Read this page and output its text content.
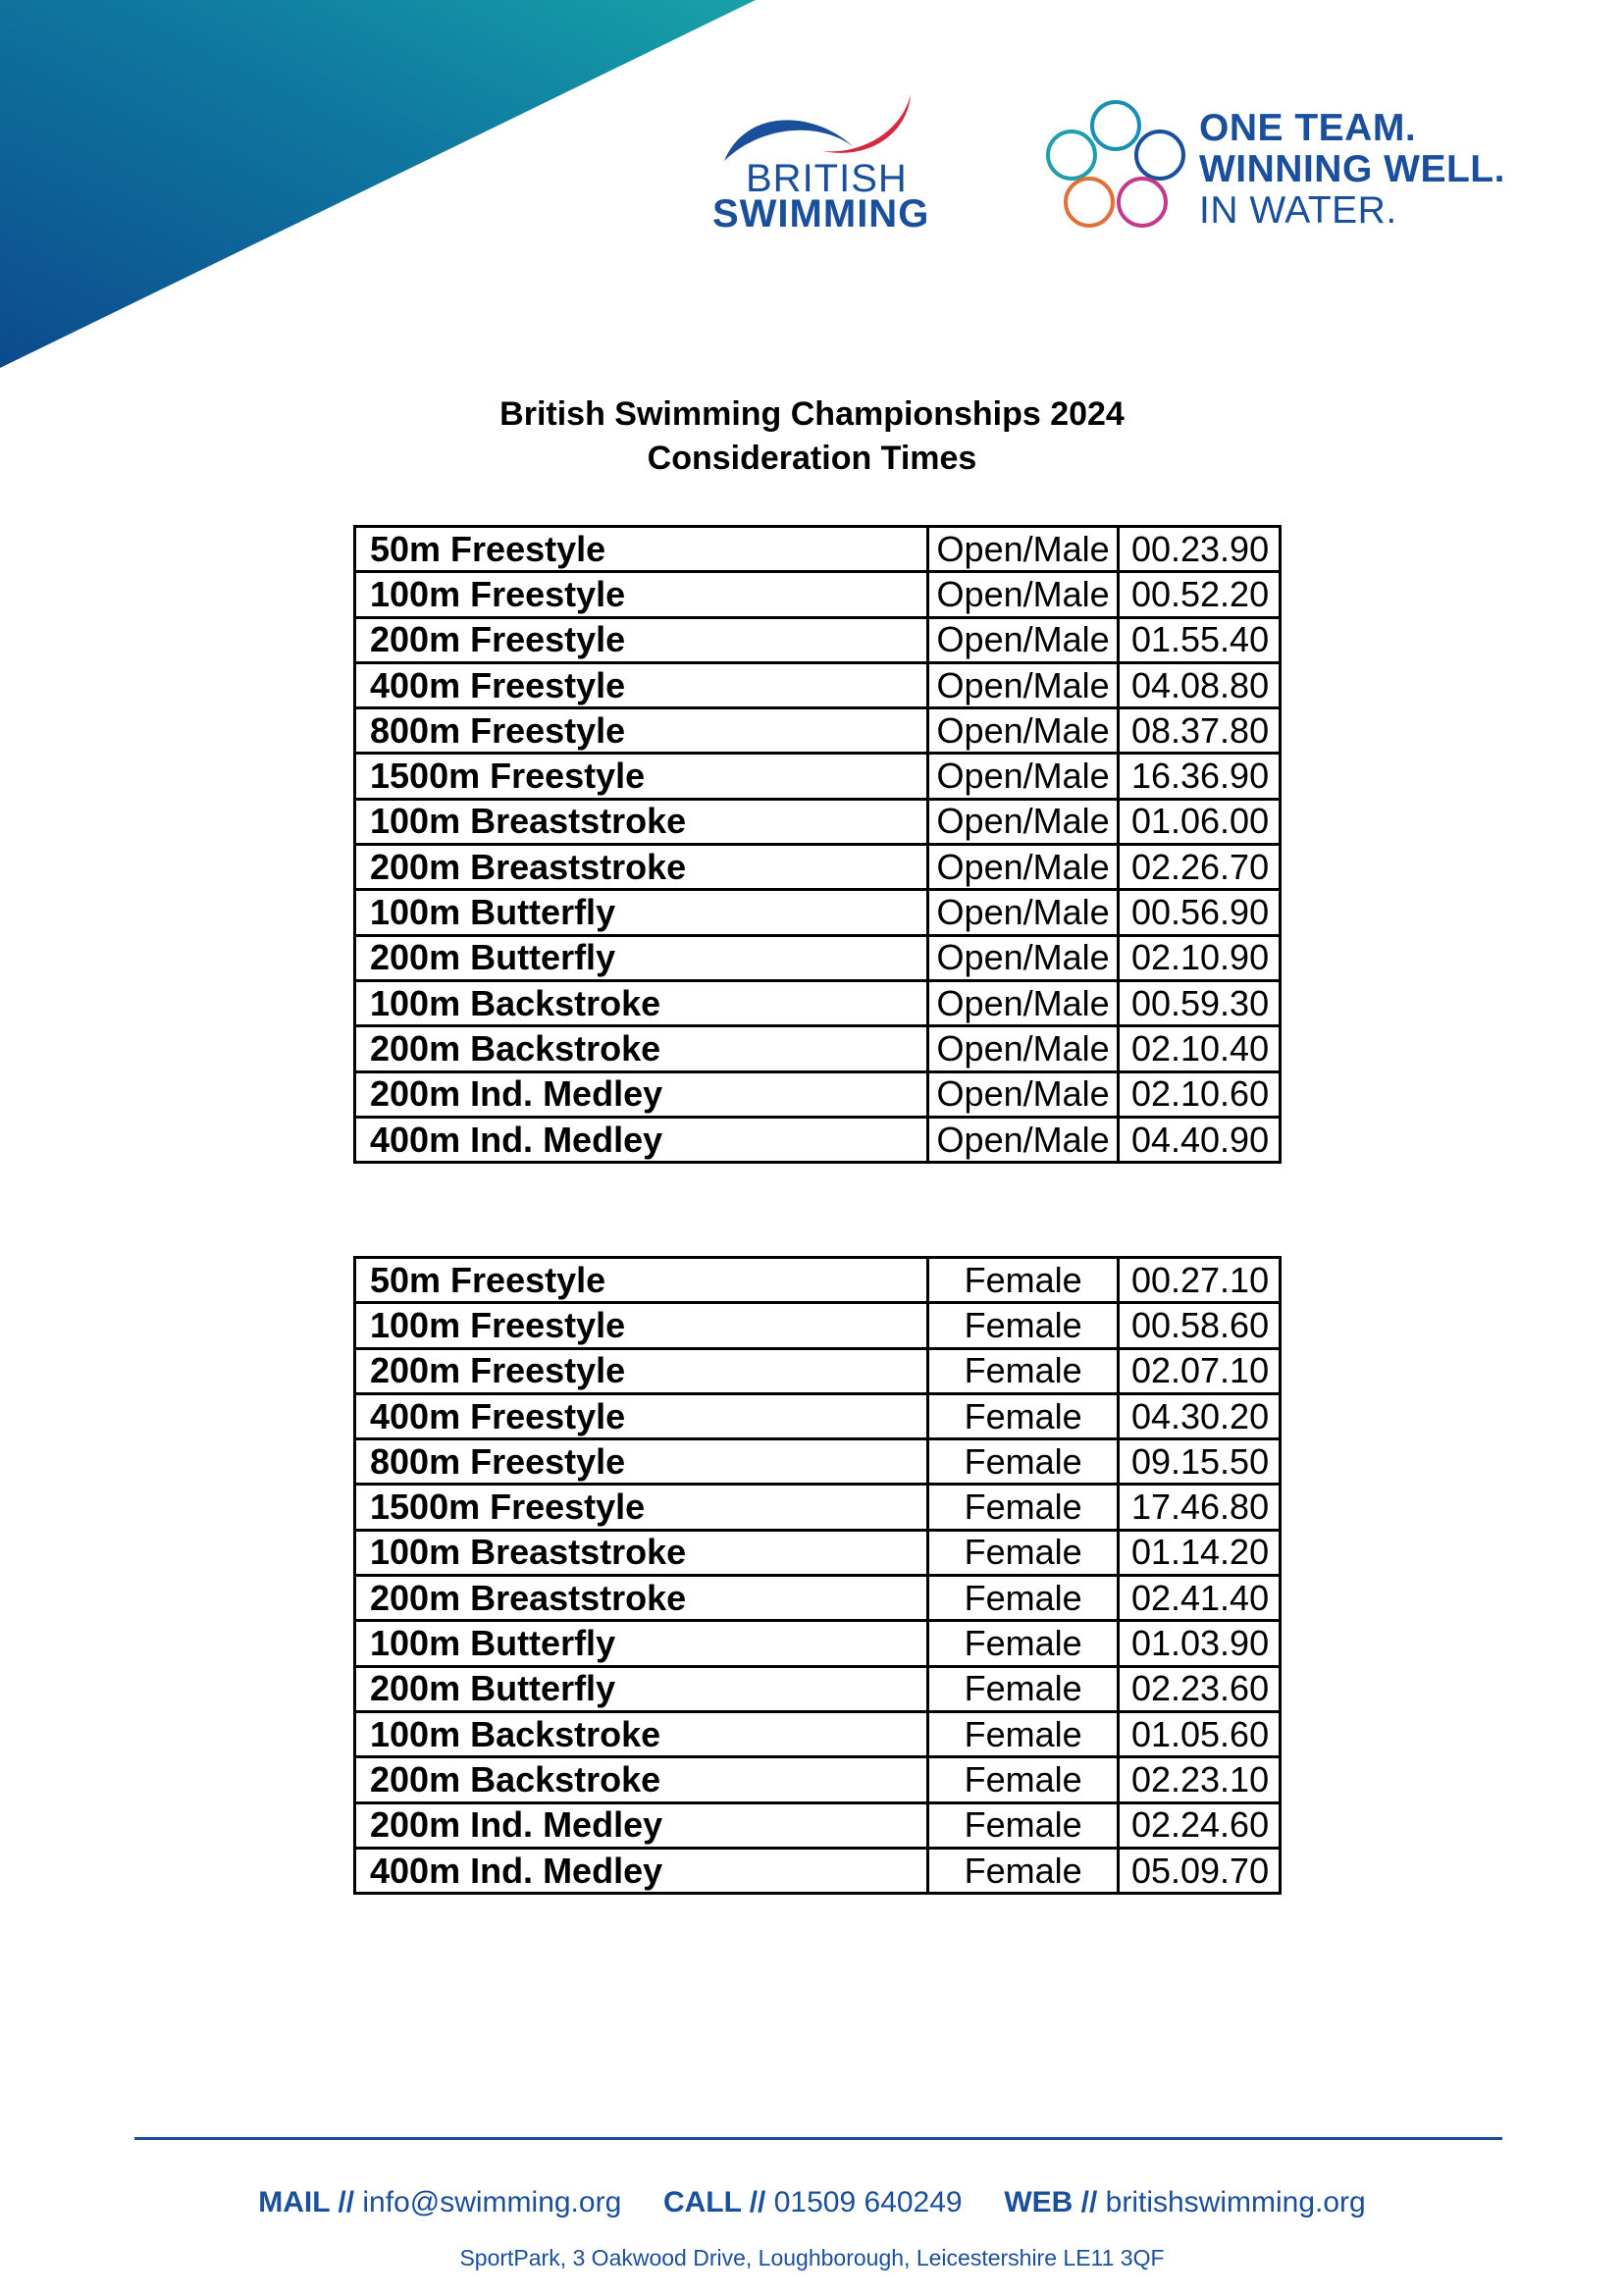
BRITISH
SWIMMING
ONE TEAM.
WINNING WELL.
IN WATER.
British Swimming Championships 2024
Consideration Times
50m Freestyle	Open/Male	00.23.90
100m Freestyle	Open/Male	00.52.20
200m Freestyle	Open/Male	01.55.40
400m Freestyle	Open/Male	04.08.80
800m Freestyle	Open/Male	08.37.80
1500m Freestyle	Open/Male	16.36.90
100m Breaststroke	Open/Male	01.06.00
200m Breaststroke	Open/Male	02.26.70
100m Butterfly	Open/Male	00.56.90
200m Butterfly	Open/Male	02.10.90
100m Backstroke	Open/Male	00.59.30
200m Backstroke	Open/Male	02.10.40
200m Ind. Medley	Open/Male	02.10.60
400m Ind. Medley	Open/Male	04.40.90
50m Freestyle	Female	00.27.10
100m Freestyle	Female	00.58.60
200m Freestyle	Female	02.07.10
400m Freestyle	Female	04.30.20
800m Freestyle	Female	09.15.50
1500m Freestyle	Female	17.46.80
100m Breaststroke	Female	01.14.20
200m Breaststroke	Female	02.41.40
100m Butterfly	Female	01.03.90
200m Butterfly	Female	02.23.60
100m Backstroke	Female	01.05.60
200m Backstroke	Female	02.23.10
200m Ind. Medley	Female	02.24.60
400m Ind. Medley	Female	05.09.70
MAIL // info@swimming.org CALL // 01509 640249 WEB // britishswimming.org
SportPark, 3 Oakwood Drive, Loughborough, Leicestershire LE11 3QF
